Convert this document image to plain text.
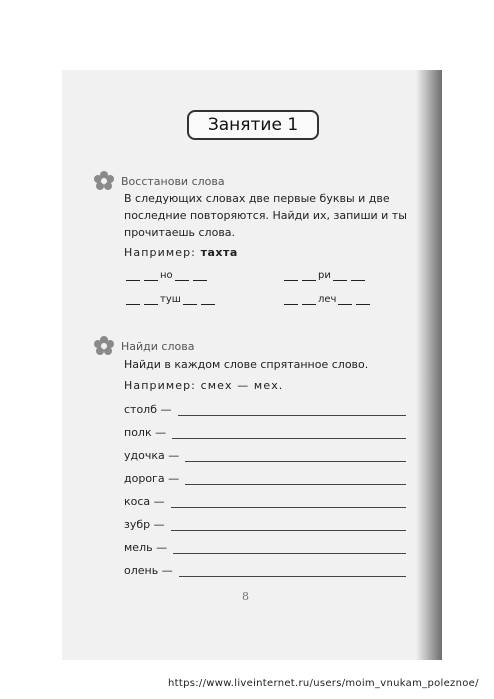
Занятие 1
Восстанови слова
В следующих словах две первые буквы и две последние повторяются. Найди их, запиши и ты прочитаешь слова.
Например: тахта
но	ри
туш	леч
Найди слова
Найди в каждом слове спрятанное слово.
Например: смех — мех.
столб —
полк —
удочка —
дорога —
коса —
зубр —
мель —
олень —
8
https://www.liveinternet.ru/users/moim_vnukam_poleznoe/
